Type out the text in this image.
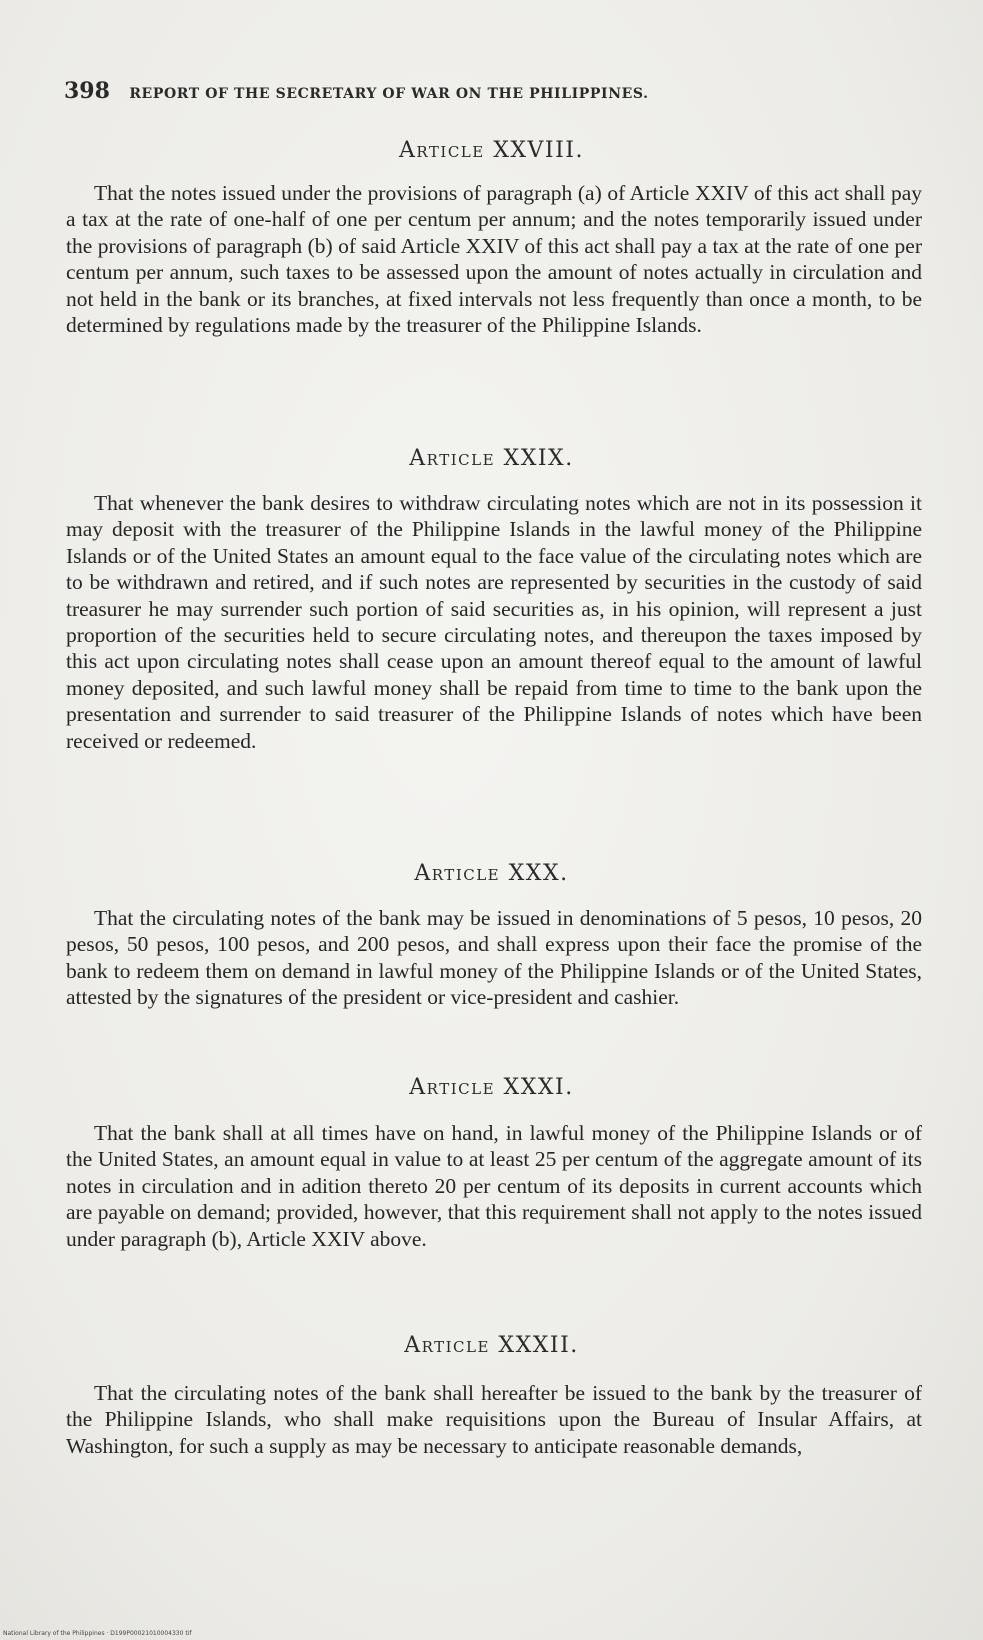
398 REPORT OF THE SECRETARY OF WAR ON THE PHILIPPINES.
Article XXVIII.
That the notes issued under the provisions of paragraph (a) of Article XXIV of this act shall pay a tax at the rate of one-half of one per centum per annum; and the notes temporarily issued under the provisions of paragraph (b) of said Article XXIV of this act shall pay a tax at the rate of one per centum per annum, such taxes to be assessed upon the amount of notes actually in circulation and not held in the bank or its branches, at fixed intervals not less frequently than once a month, to be determined by regulations made by the treasurer of the Philippine Islands.
Article XXIX.
That whenever the bank desires to withdraw circulating notes which are not in its possession it may deposit with the treasurer of the Philippine Islands in the lawful money of the Philippine Islands or of the United States an amount equal to the face value of the circulating notes which are to be withdrawn and retired, and if such notes are represented by securities in the custody of said treasurer he may surrender such portion of said securities as, in his opinion, will represent a just proportion of the securities held to secure circulating notes, and thereupon the taxes imposed by this act upon circulating notes shall cease upon an amount thereof equal to the amount of lawful money deposited, and such lawful money shall be repaid from time to time to the bank upon the presentation and surrender to said treasurer of the Philippine Islands of notes which have been received or redeemed.
Article XXX.
That the circulating notes of the bank may be issued in denominations of 5 pesos, 10 pesos, 20 pesos, 50 pesos, 100 pesos, and 200 pesos, and shall express upon their face the promise of the bank to redeem them on demand in lawful money of the Philippine Islands or of the United States, attested by the signatures of the president or vice-president and cashier.
Article XXXI.
That the bank shall at all times have on hand, in lawful money of the Philippine Islands or of the United States, an amount equal in value to at least 25 per centum of the aggregate amount of its notes in circulation and in adition thereto 20 per centum of its deposits in current accounts which are payable on demand; provided, however, that this requirement shall not apply to the notes issued under paragraph (b), Article XXIV above.
Article XXXII.
That the circulating notes of the bank shall hereafter be issued to the bank by the treasurer of the Philippine Islands, who shall make requisitions upon the Bureau of Insular Affairs, at Washington, for such a supply as may be necessary to anticipate reasonable demands,
National Library of the Philippines · D199P00021010004330 tif
